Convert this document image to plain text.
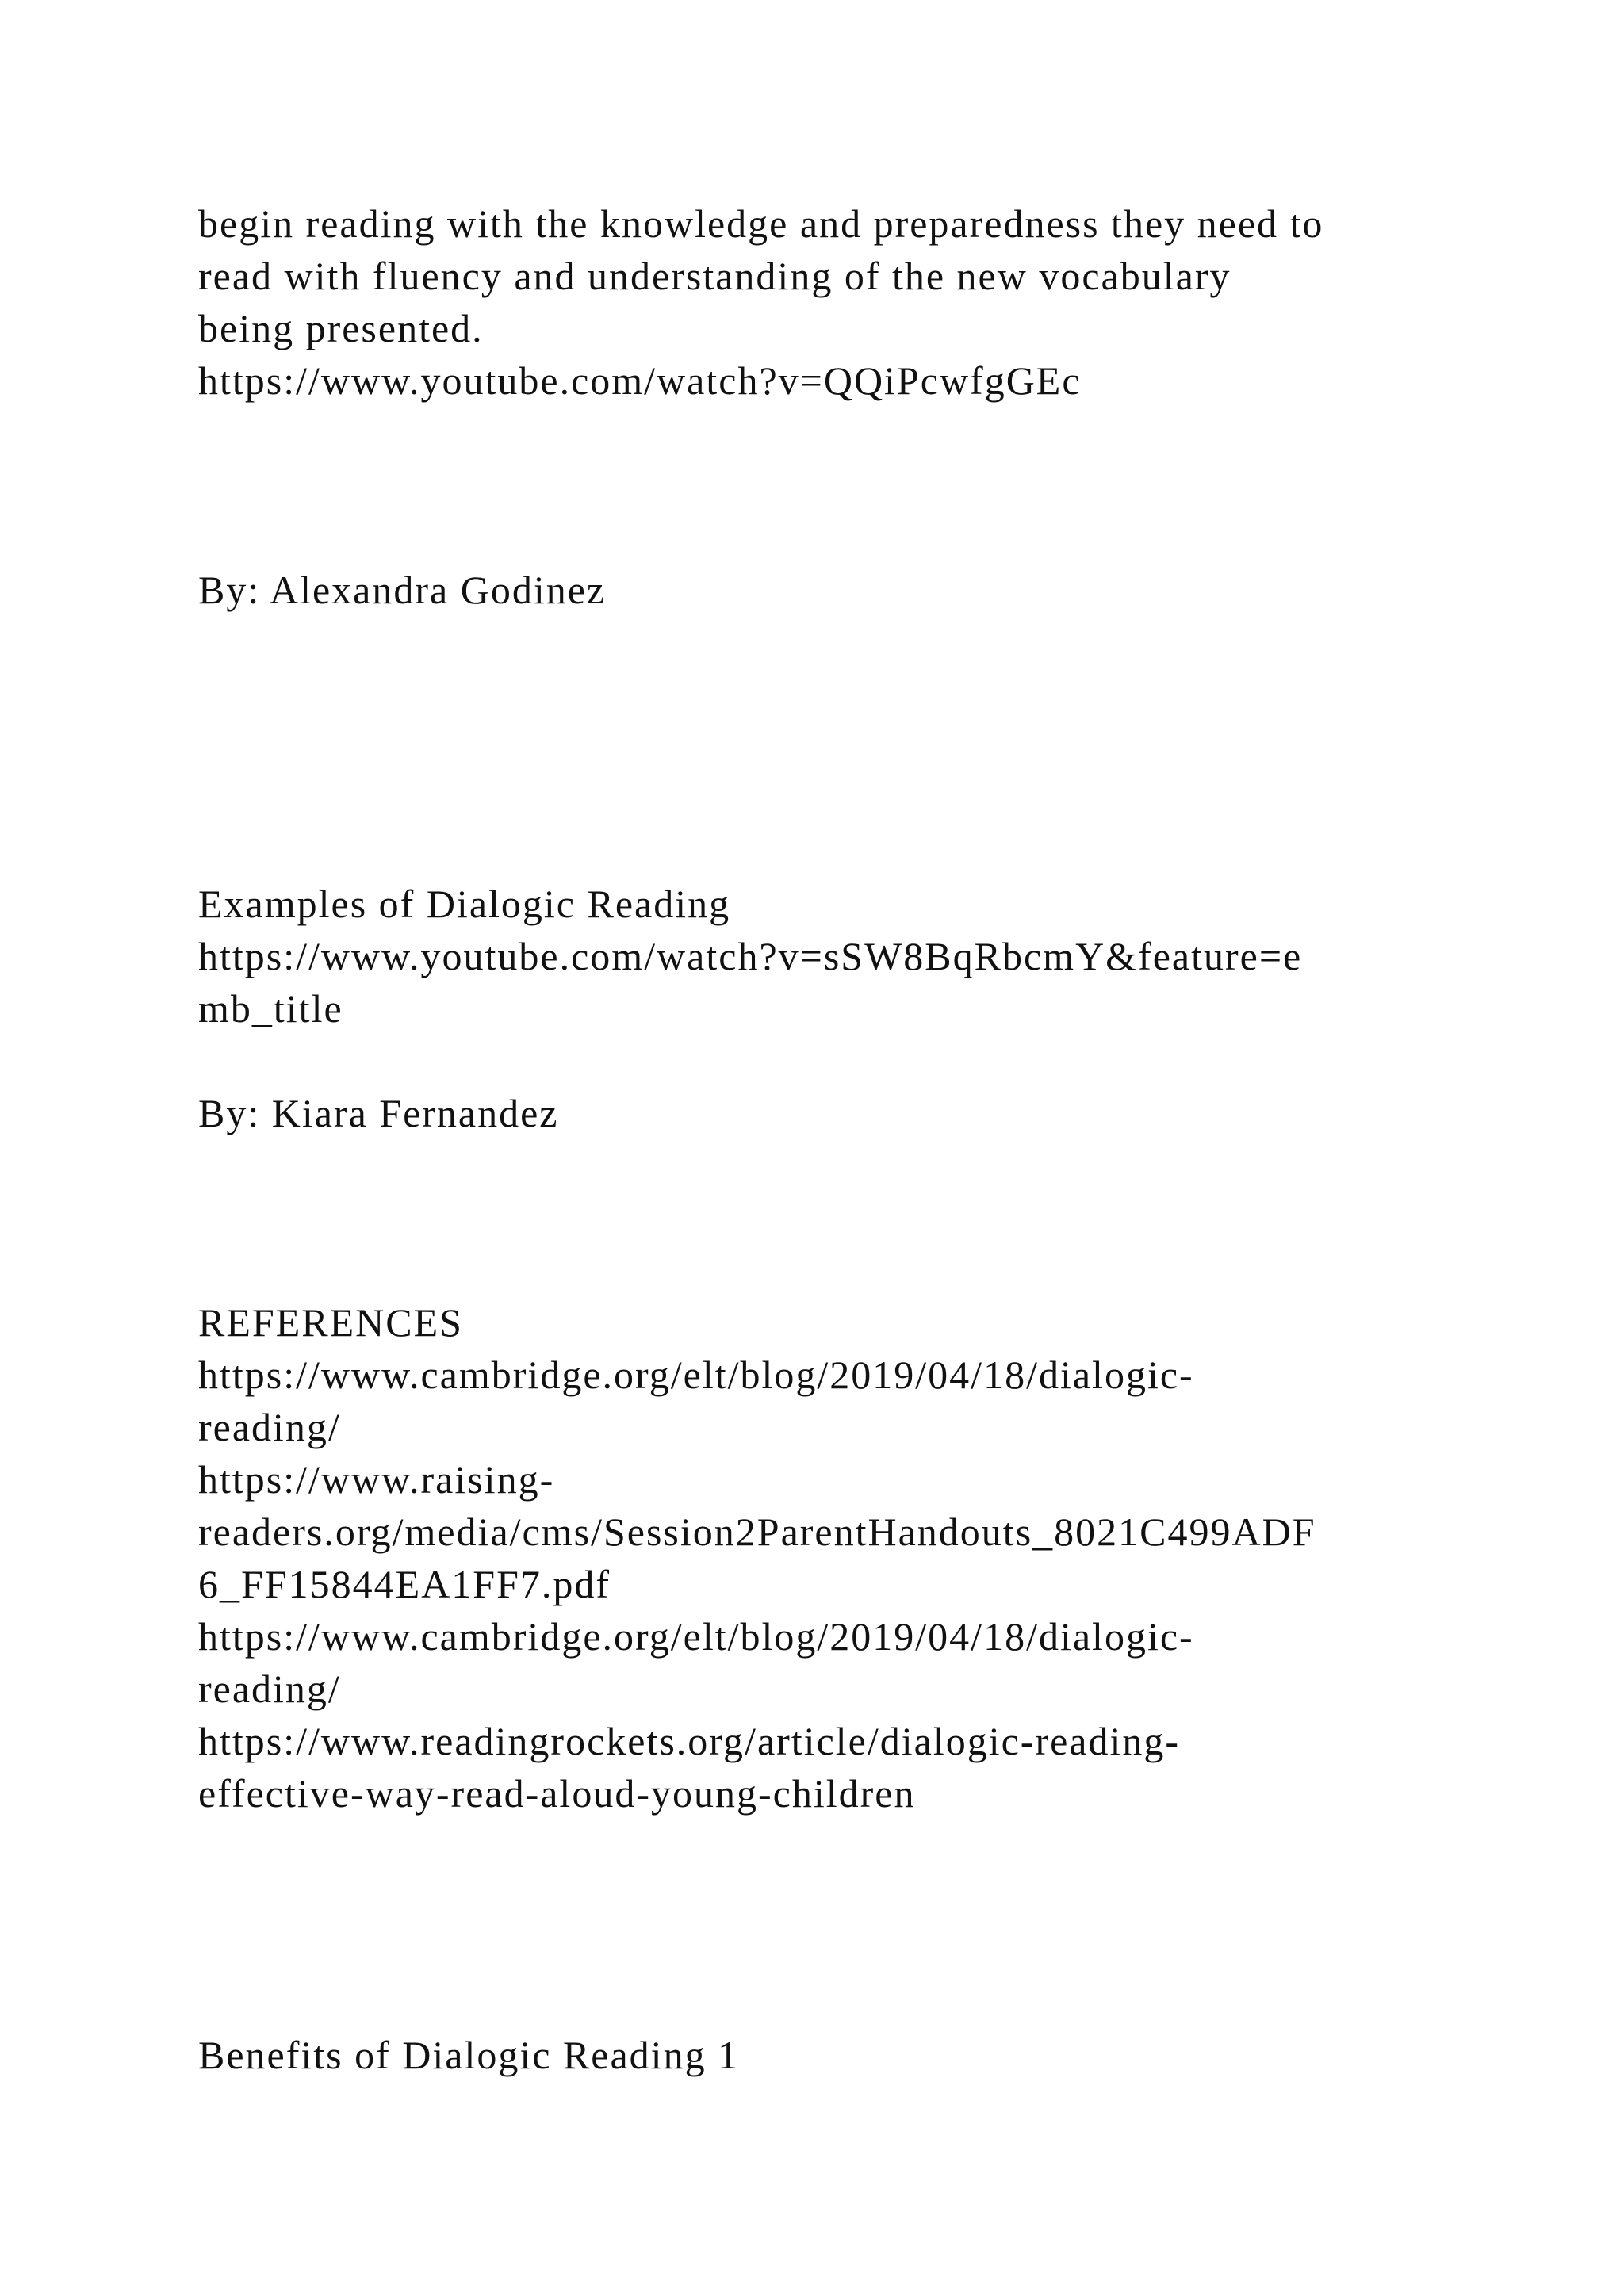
begin reading with the knowledge and preparedness they need to
read with fluency and understanding of the new vocabulary
being presented.
https://www.youtube.com/watch?v=QQiPcwfgGEc
By: Alexandra Godinez
Examples of Dialogic Reading
https://www.youtube.com/watch?v=sSW8BqRbcmY&feature=e
mb_title
By: Kiara Fernandez
REFERENCES
https://www.cambridge.org/elt/blog/2019/04/18/dialogic-
reading/
https://www.raising-
readers.org/media/cms/Session2ParentHandouts_8021C499ADF
6_FF15844EA1FF7.pdf
https://www.cambridge.org/elt/blog/2019/04/18/dialogic-
reading/
https://www.readingrockets.org/article/dialogic-reading-
effective-way-read-aloud-young-children
Benefits of Dialogic Reading 1
